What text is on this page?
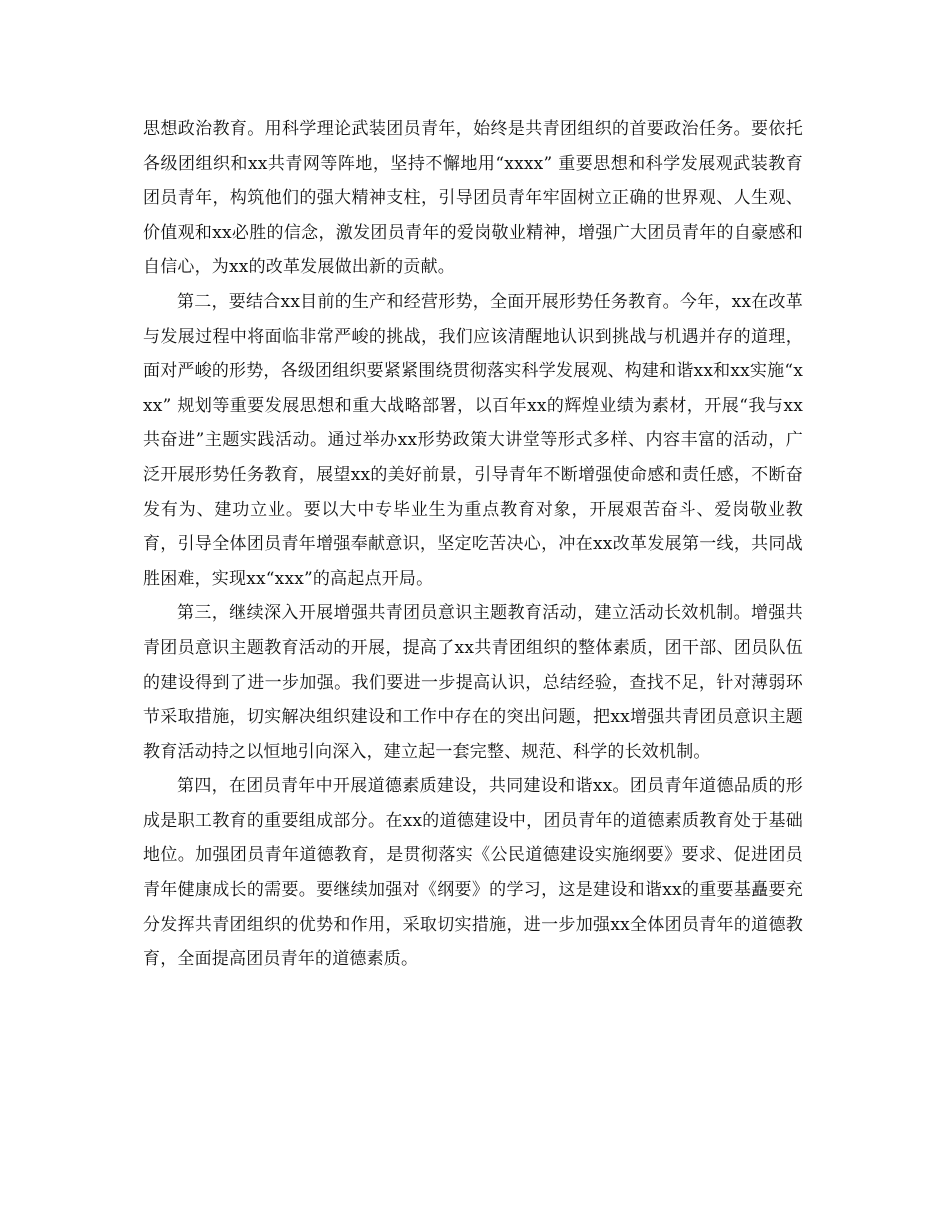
思想政治教育。用科学理论武装团员青年，始终是共青团组织的首要政治任务。要依托各级团组织和xx共青网等阵地，坚持不懈地用“xxxx” 重要思想和科学发展观武装教育团员青年，构筑他们的强大精神支柱，引导团员青年牢固树立正确的世界观、人生观、价值观和xx必胜的信念，激发团员青年的爱岗敬业精神，增强广大团员青年的自豪感和自信心，为xx的改革发展做出新的贡献。

第二，要结合xx目前的生产和经营形势，全面开展形势任务教育。今年，xx在改革与发展过程中将面临非常严峻的挑战，我们应该清醒地认识到挑战与机遇并存的道理，面对严峻的形势，各级团组织要紧紧围绕贯彻落实科学发展观、构建和谐xx和xx实施“xxx” 规划等重要发展思想和重大战略部署，以百年xx的辉煌业绩为素材，开展“我与xx共奋进”主题实践活动。通过举办xx形势政策大讲堂等形式多样、内容丰富的活动，广泛开展形势任务教育，展望xx的美好前景，引导青年不断增强使命感和责任感，不断奋发有为、建功立业。要以大中专毕业生为重点教育对象，开展艰苦奋斗、爱岗敬业教育，引导全体团员青年增强奉献意识，坚定吃苦决心，冲在xx改革发展第一线，共同战胜困难，实现xx“xxx”的高起点开局。

第三，继续深入开展增强共青团员意识主题教育活动，建立活动长效机制。增强共青团员意识主题教育活动的开展，提高了xx共青团组织的整体素质，团干部、团员队伍的建设得到了进一步加强。我们要进一步提高认识，总结经验，查找不足，针对薄弱环节采取措施，切实解决组织建设和工作中存在的突出问题，把xx增强共青团员意识主题教育活动持之以恒地引向深入，建立起一套完整、规范、科学的长效机制。

第四，在团员青年中开展道德素质建设，共同建设和谐xx。团员青年道德品质的形成是职工教育的重要组成部分。在xx的道德建设中，团员青年的道德素质教育处于基础地位。加强团员青年道德教育，是贯彻落实《公民道德建设实施纲要》要求、促进团员青年健康成长的需要。要继续加强对《纲要》的学习，这是建设和谐xx的重要基矗要充分发挥共青团组织的优势和作用，采取切实措施，进一步加强xx全体团员青年的道德教育，全面提高团员青年的道德素质。
